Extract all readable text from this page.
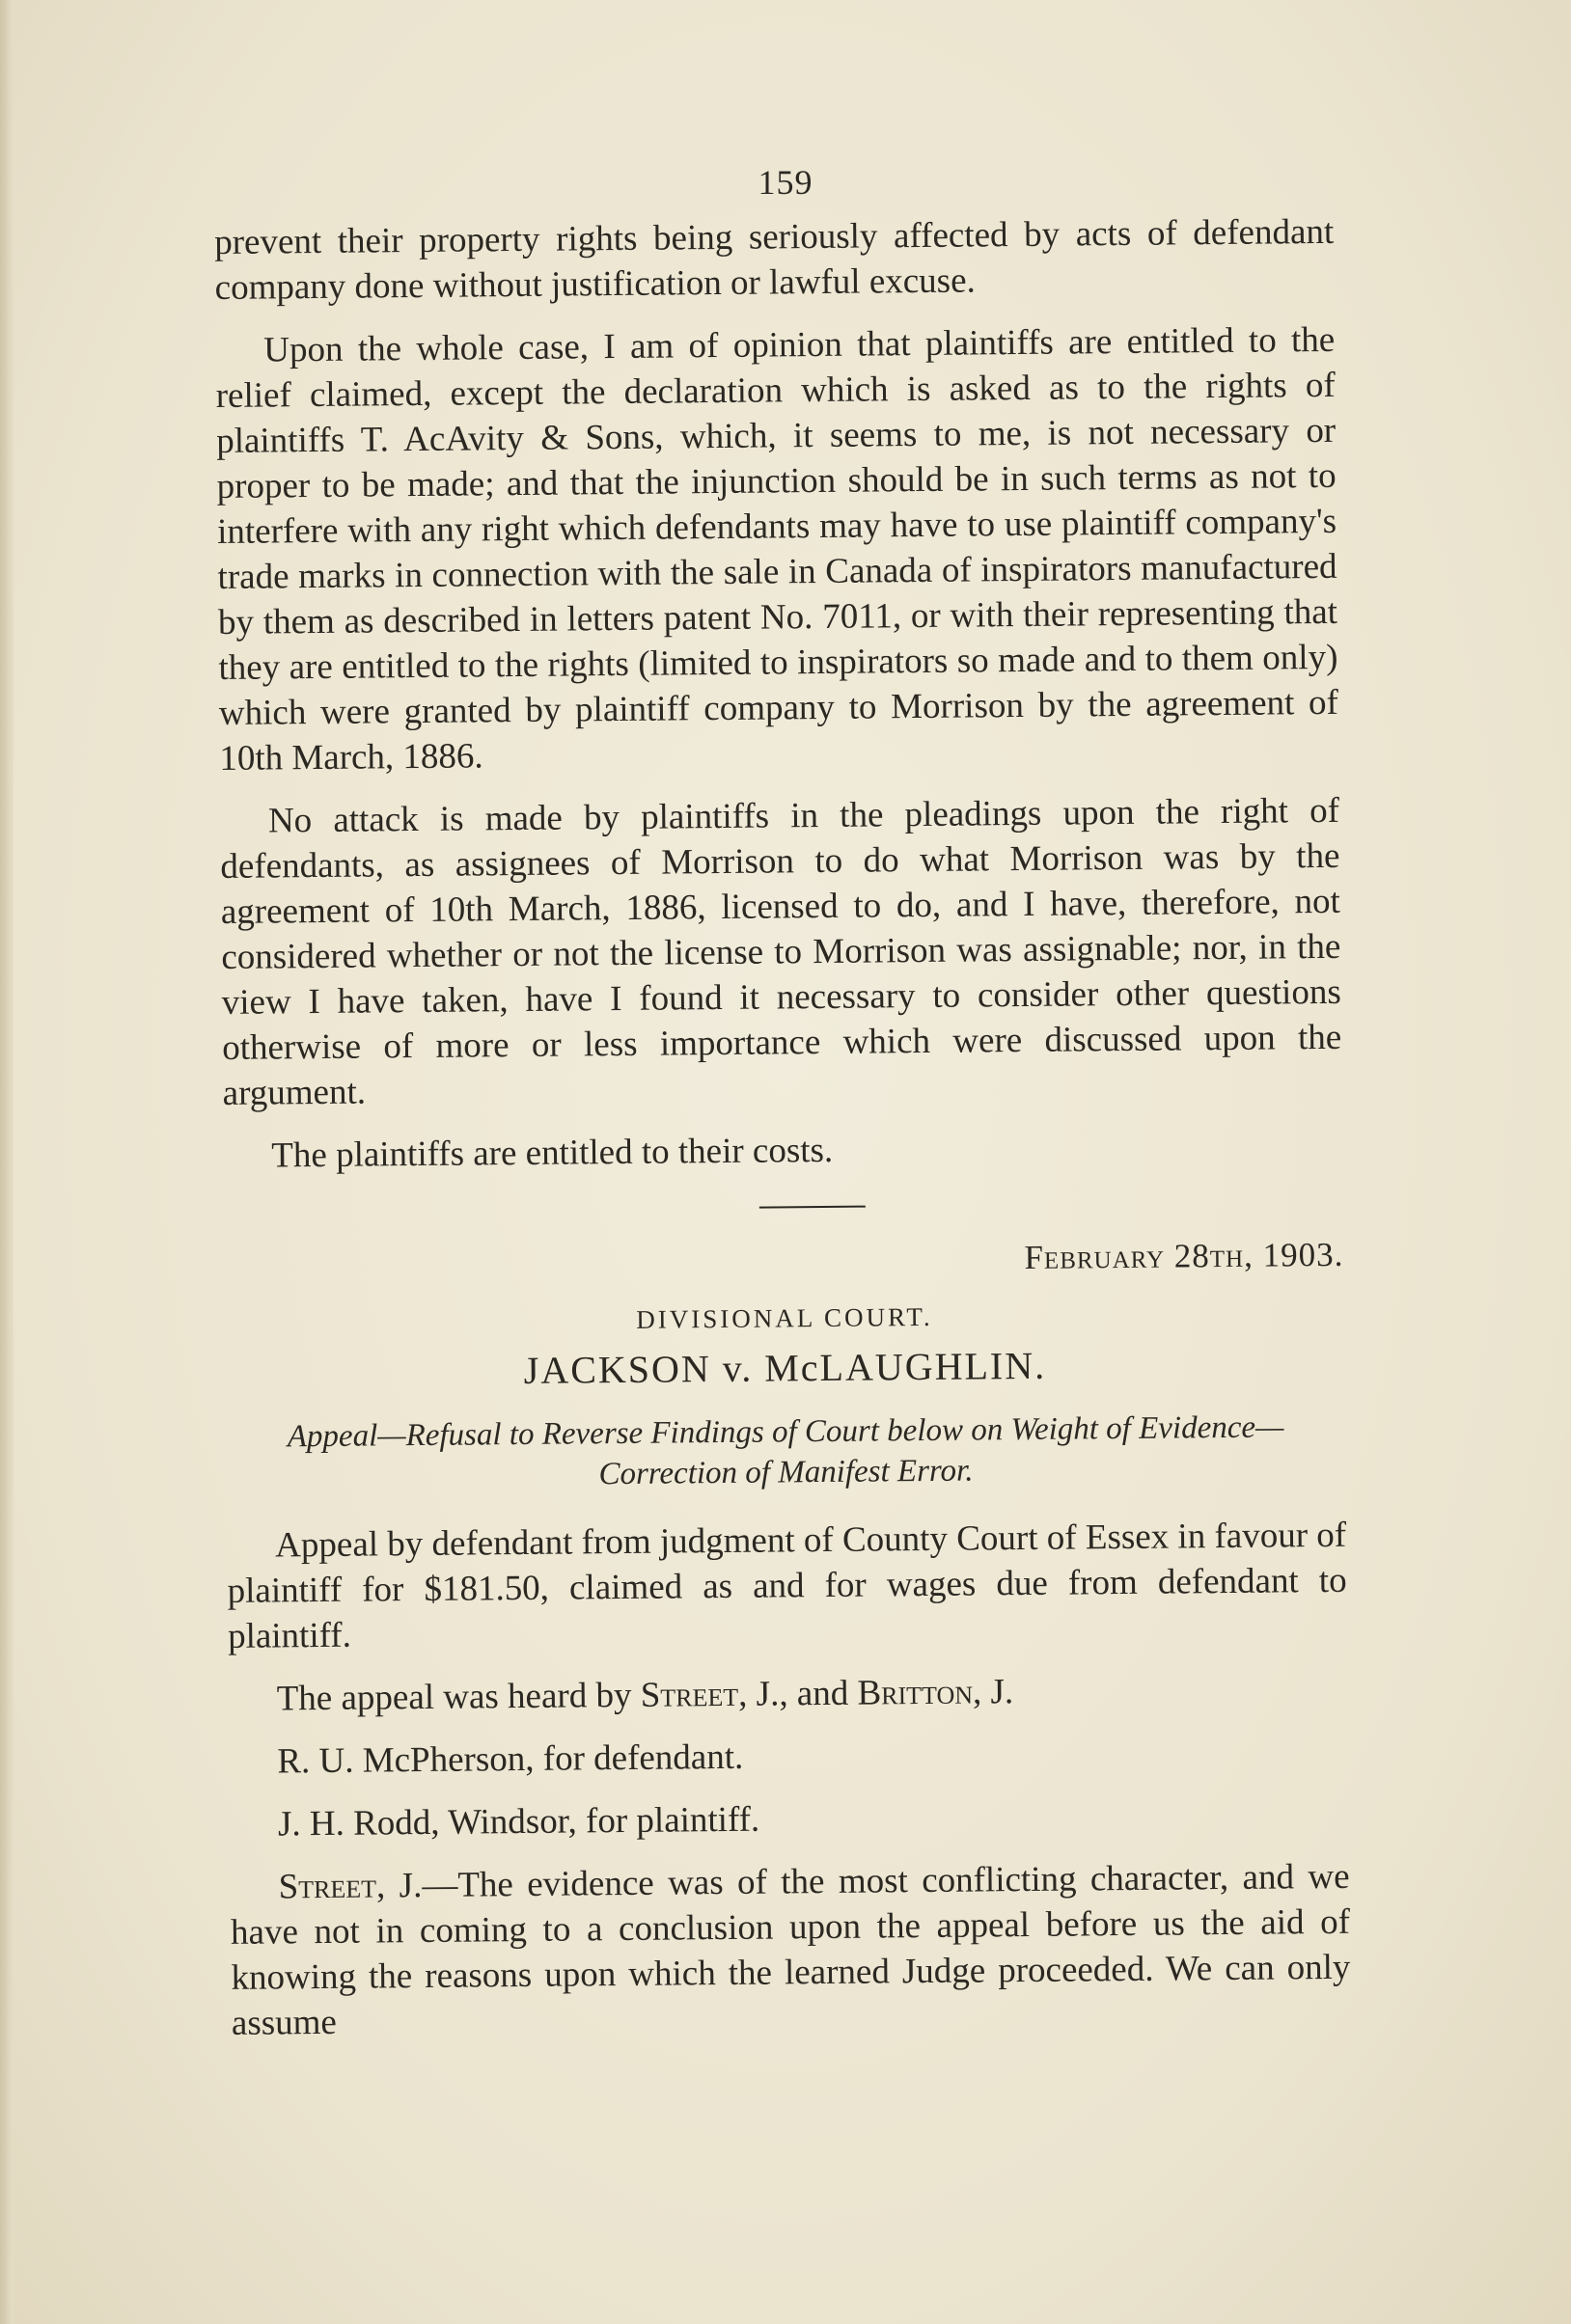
159

prevent their property rights being seriously affected by acts of defendant company done without justification or lawful excuse.

Upon the whole case, I am of opinion that plaintiffs are entitled to the relief claimed, except the declaration which is asked as to the rights of plaintiffs T. AcAvity & Sons, which, it seems to me, is not necessary or proper to be made; and that the injunction should be in such terms as not to interfere with any right which defendants may have to use plaintiff company's trade marks in connection with the sale in Canada of inspirators manufactured by them as described in letters patent No. 7011, or with their representing that they are entitled to the rights (limited to inspirators so made and to them only) which were granted by plaintiff company to Morrison by the agreement of 10th March, 1886.

No attack is made by plaintiffs in the pleadings upon the right of defendants, as assignees of Morrison to do what Morrison was by the agreement of 10th March, 1886, licensed to do, and I have, therefore, not considered whether or not the license to Morrison was assignable; nor, in the view I have taken, have I found it necessary to consider other questions otherwise of more or less importance which were discussed upon the argument.

The plaintiffs are entitled to their costs.

February 28th, 1903.

DIVISIONAL COURT.

JACKSON v. McLAUGHLIN.

Appeal—Refusal to Reverse Findings of Court below on Weight of Evidence—Correction of Manifest Error.

Appeal by defendant from judgment of County Court of Essex in favour of plaintiff for $181.50, claimed as and for wages due from defendant to plaintiff.

The appeal was heard by Street, J., and Britton, J.

R. U. McPherson, for defendant.

J. H. Rodd, Windsor, for plaintiff.

Street, J.—The evidence was of the most conflicting character, and we have not in coming to a conclusion upon the appeal before us the aid of knowing the reasons upon which the learned Judge proceeded. We can only assume
